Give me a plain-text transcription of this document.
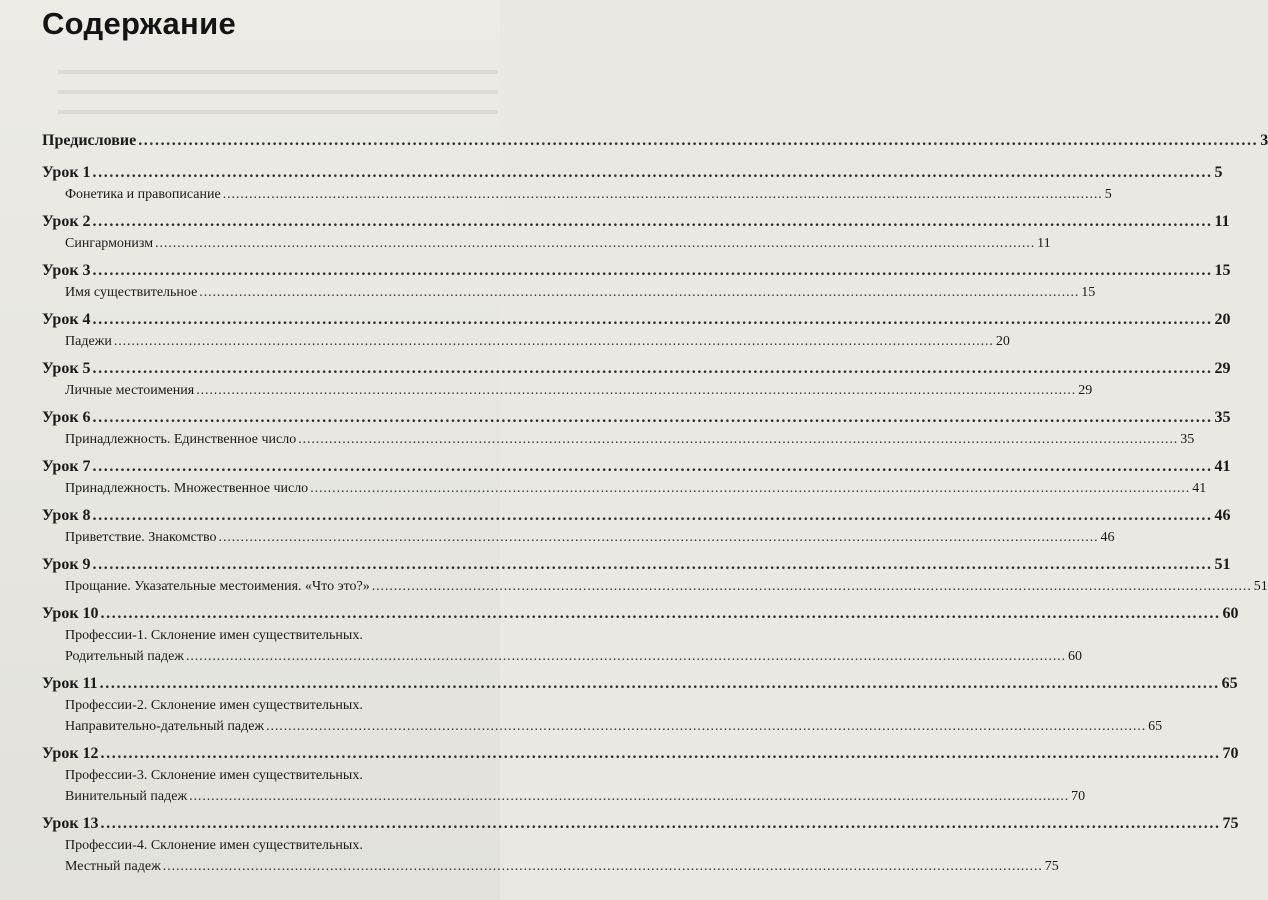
Содержание
Предисловие ........................................................................................................................................................................................................ 3
Урок 1 ........................................................................................................................................................................................................ 5
Фонетика и правописание ........................................................................................................................................................................................................ 5
Урок 2 ........................................................................................................................................................................................................ 11
Сингармонизм ........................................................................................................................................................................................................ 11
Урок 3 ........................................................................................................................................................................................................ 15
Имя существительное ........................................................................................................................................................................................................ 15
Урок 4 ........................................................................................................................................................................................................ 20
Падежи ........................................................................................................................................................................................................ 20
Урок 5 ........................................................................................................................................................................................................ 29
Личные местоимения ........................................................................................................................................................................................................ 29
Урок 6 ........................................................................................................................................................................................................ 35
Принадлежность. Единственное число ........................................................................................................................................................................................................ 35
Урок 7 ........................................................................................................................................................................................................ 41
Принадлежность. Множественное число ........................................................................................................................................................................................................ 41
Урок 8 ........................................................................................................................................................................................................ 46
Приветствие. Знакомство ........................................................................................................................................................................................................ 46
Урок 9 ........................................................................................................................................................................................................ 51
Прощание. Указательные местоимения. «Что это?» ........................................................................................................................................................................................................ 51
Урок 10 ........................................................................................................................................................................................................ 60
Профессии-1. Склонение имен существительных.
Родительный падеж ........................................................................................................................................................................................................ 60
Урок 11 ........................................................................................................................................................................................................ 65
Профессии-2. Склонение имен существительных.
Направительно-дательный падеж ........................................................................................................................................................................................................ 65
Урок 12 ........................................................................................................................................................................................................ 70
Профессии-3. Склонение имен существительных.
Винительный падеж ........................................................................................................................................................................................................ 70
Урок 13 ........................................................................................................................................................................................................ 75
Профессии-4. Склонение имен существительных.
Местный падеж ........................................................................................................................................................................................................ 75
